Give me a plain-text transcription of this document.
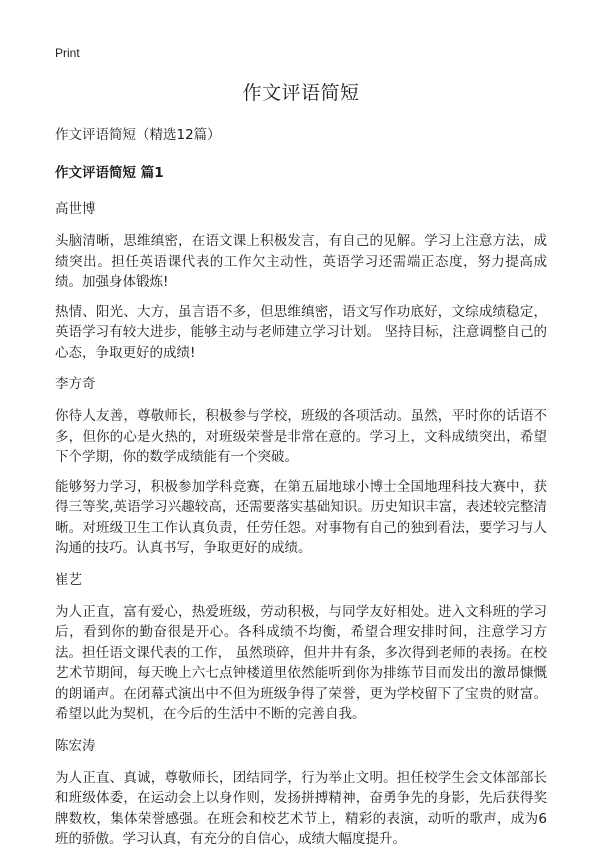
Print
作文评语简短

作文评语简短（精选12篇）

作文评语简短 篇1

高世博

头脑清晰，思维缜密，在语文课上积极发言，有自己的见解。学习上注意方法，成绩突出。担任英语课代表的工作欠主动性，英语学习还需端正态度，努力提高成绩。加强身体锻炼!

热情、阳光、大方，虽言语不多，但思维缜密，语文写作功底好，文综成绩稳定，英语学习有较大进步，能够主动与老师建立学习计划。 坚持目标，注意调整自己的心态，争取更好的成绩!

李方奇

你待人友善，尊敬师长，积极参与学校，班级的各项活动。虽然，平时你的话语不多，但你的心是火热的，对班级荣誉是非常在意的。学习上，文科成绩突出，希望下个学期，你的数学成绩能有一个突破。

能够努力学习，积极参加学科竞赛，在第五届地球小博士全国地理科技大赛中，获得三等奖,英语学习兴趣较高，还需要落实基础知识。历史知识丰富，表述较完整清晰。对班级卫生工作认真负责，任劳任怨。对事物有自己的独到看法，要学习与人沟通的技巧。认真书写，争取更好的成绩。

崔艺

为人正直，富有爱心，热爱班级，劳动积极，与同学友好相处。进入文科班的学习后，看到你的勤奋很是开心。各科成绩不均衡，希望合理安排时间，注意学习方法。担任语文课代表的工作， 虽然琐碎，但井井有条，多次得到老师的表扬。在校艺术节期间，每天晚上六七点钟楼道里依然能听到你为排练节目而发出的激昂慷慨的朗诵声。在闭幕式演出中不但为班级争得了荣誉，更为学校留下了宝贵的财富。希望以此为契机，在今后的生活中不断的完善自我。

陈宏涛

为人正直、真诚，尊敬师长，团结同学，行为举止文明。担任校学生会文体部部长和班级体委，在运动会上以身作则，发扬拼搏精神，奋勇争先的身影，先后获得奖牌数枚，集体荣誉感强。在班会和校艺术节上，精彩的表演，动听的歌声，成为6班的骄傲。学习认真，有充分的自信心，成绩大幅度提升。
